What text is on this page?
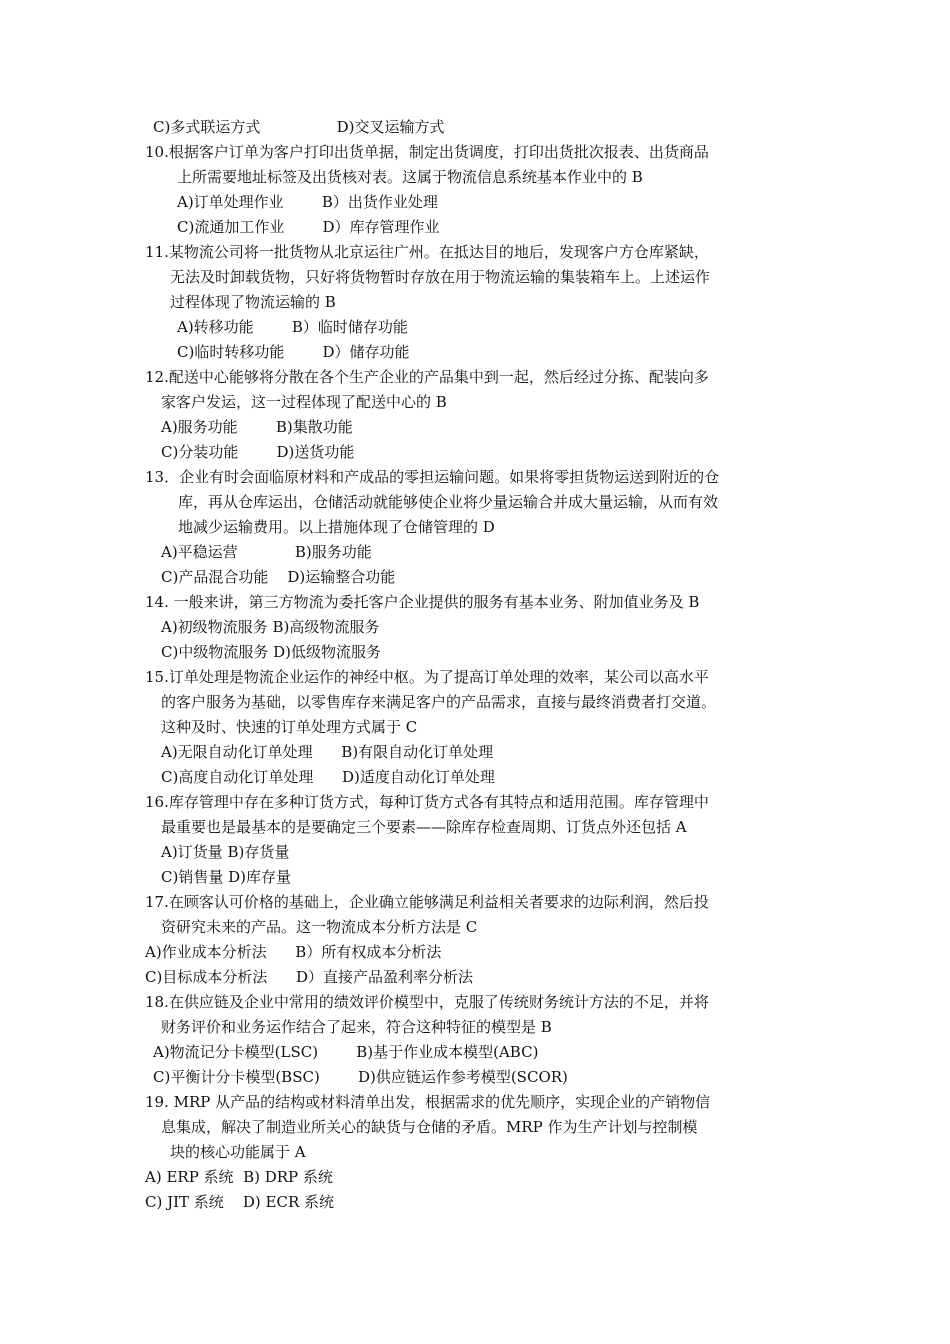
C)多式联运方式                D)交叉运输方式
10.根据客户订单为客户打印出货单据，制定出货调度，打印出货批次报表、出货商品
上所需要地址标签及出货核对表。这属于物流信息系统基本作业中的 B
A)订单处理作业        B）出货作业处理
C)流通加工作业        D）库存管理作业
11.某物流公司将一批货物从北京运往广州。在抵达目的地后，发现客户方仓库紧缺，
无法及时卸载货物，只好将货物暂时存放在用于物流运输的集装箱车上。上述运作
过程体现了物流运输的 B
A)转移功能        B）临时储存功能
C)临时转移功能        D）储存功能
12.配送中心能够将分散在各个生产企业的产品集中到一起，然后经过分拣、配装向多
家客户发运，这一过程体现了配送中心的 B
A)服务功能        B)集散功能
C)分装功能        D)送货功能
13．企业有时会面临原材料和产成品的零担运输问题。如果将零担货物运送到附近的仓
库，再从仓库运出，仓储活动就能够使企业将少量运输合并成大量运输，从而有效
地减少运输费用。以上措施体现了仓储管理的 D
A)平稳运营            B)服务功能
C)产品混合功能    D)运输整合功能
14. 一般来讲，第三方物流为委托客户企业提供的服务有基本业务、附加值业务及 B
A)初级物流服务 B)高级物流服务
C)中级物流服务 D)低级物流服务
15.订单处理是物流企业运作的神经中枢。为了提高订单处理的效率，某公司以高水平
的客户服务为基础，以零售库存来满足客户的产品需求，直接与最终消费者打交道。
这种及时、快速的订单处理方式属于 C
A)无限自动化订单处理      B)有限自动化订单处理
C)高度自动化订单处理      D)适度自动化订单处理
16.库存管理中存在多种订货方式，每种订货方式各有其特点和适用范围。库存管理中
最重要也是最基本的是要确定三个要素——除库存检查周期、订货点外还包括 A
A)订货量 B)存货量
C)销售量 D)库存量
17.在顾客认可价格的基础上，企业确立能够满足利益相关者要求的边际利润，然后投
资研究未来的产品。这一物流成本分析方法是 C
A)作业成本分析法      B）所有权成本分析法
C)目标成本分析法      D）直接产品盈利率分析法
18.在供应链及企业中常用的绩效评价模型中，克服了传统财务统计方法的不足，并将
财务评价和业务运作结合了起来，符合这种特征的模型是 B
A)物流记分卡模型(LSC)        B)基于作业成本模型(ABC)
C)平衡计分卡模型(BSC)        D)供应链运作参考模型(SCOR)
19. MRP 从产品的结构或材料清单出发，根据需求的优先顺序，实现企业的产销物信
息集成，解决了制造业所关心的缺货与仓储的矛盾。MRP 作为生产计划与控制模
块的核心功能属于 A
A) ERP 系统  B) DRP 系统
C) JIT 系统    D) ECR 系统
